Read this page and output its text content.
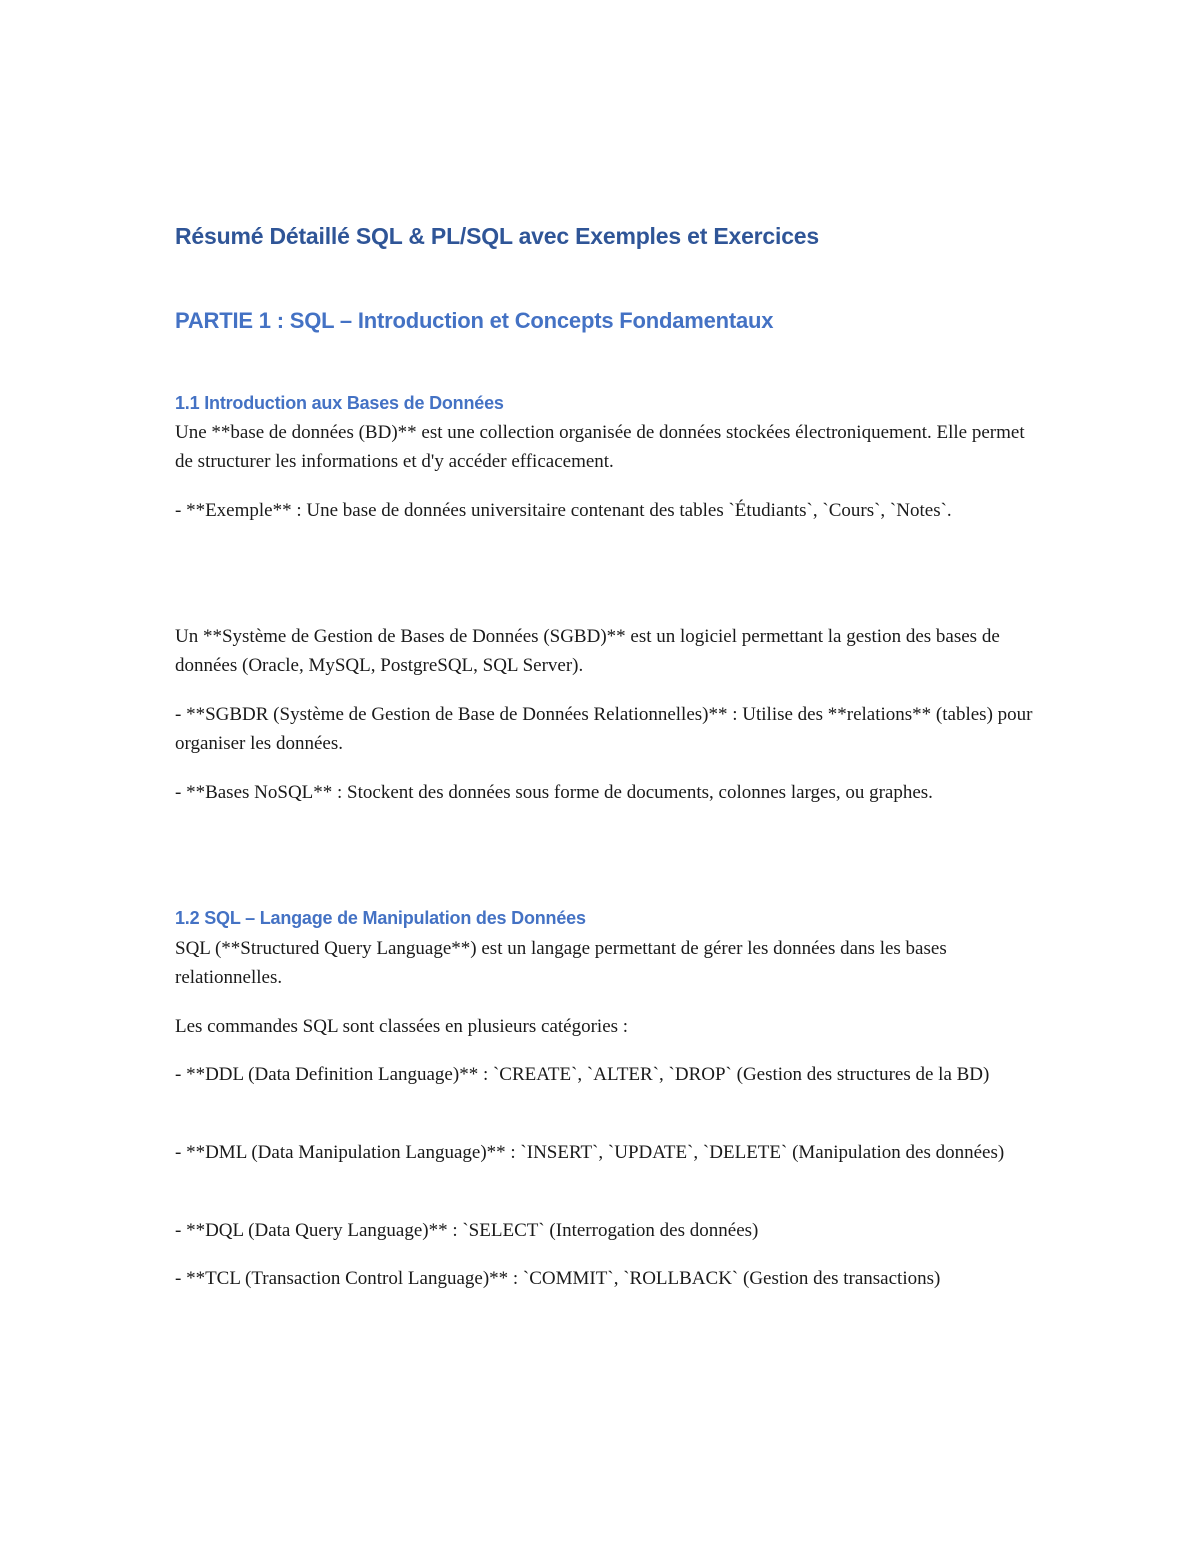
Résumé Détaillé SQL & PL/SQL avec Exemples et Exercices
PARTIE 1 : SQL – Introduction et Concepts Fondamentaux
1.1 Introduction aux Bases de Données

Une **base de données (BD)** est une collection organisée de données stockées électroniquement. Elle permet de structurer les informations et d'y accéder efficacement.

- **Exemple** : Une base de données universitaire contenant des tables `Étudiants`, `Cours`, `Notes`.

Un **Système de Gestion de Bases de Données (SGBD)** est un logiciel permettant la gestion des bases de données (Oracle, MySQL, PostgreSQL, SQL Server).

- **SGBDR (Système de Gestion de Base de Données Relationnelles)** : Utilise des **relations** (tables) pour organiser les données.

- **Bases NoSQL** : Stockent des données sous forme de documents, colonnes larges, ou graphes.

1.2 SQL – Langage de Manipulation des Données

SQL (**Structured Query Language**) est un langage permettant de gérer les données dans les bases relationnelles.

Les commandes SQL sont classées en plusieurs catégories :

- **DDL (Data Definition Language)** : `CREATE`, `ALTER`, `DROP` (Gestion des structures de la BD)

- **DML (Data Manipulation Language)** : `INSERT`, `UPDATE`, `DELETE` (Manipulation des données)

- **DQL (Data Query Language)** : `SELECT` (Interrogation des données)

- **TCL (Transaction Control Language)** : `COMMIT`, `ROLLBACK` (Gestion des transactions)
